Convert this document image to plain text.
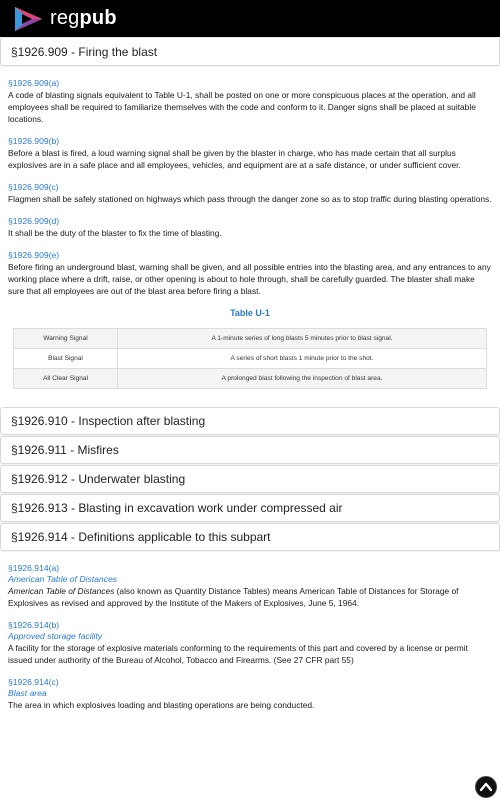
regpub
§1926.909 - Firing the blast
§1926.909(a)
A code of blasting signals equivalent to Table U-1, shall be posted on one or more conspicuous places at the operation, and all employees shall be required to familiarize themselves with the code and conform to it. Danger signs shall be placed at suitable locations.
§1926.909(b)
Before a blast is fired, a loud warning signal shall be given by the blaster in charge, who has made certain that all surplus explosives are in a safe place and all employees, vehicles, and equipment are at a safe distance, or under sufficient cover.
§1926.909(c)
Flagmen shall be safely stationed on highways which pass through the danger zone so as to stop traffic during blasting operations.
§1926.909(d)
It shall be the duty of the blaster to fix the time of blasting.
§1926.909(e)
Before firing an underground blast, warning shall be given, and all possible entries into the blasting area, and any entrances to any working place where a drift, raise, or other opening is about to hole through, shall be carefully guarded. The blaster shall make sure that all employees are out of the blast area before firing a blast.
Table U-1
Warning Signal	A 1-minute series of long blasts 5 minutes prior to blast signal.
Blast Signal	A series of short blasts 1 minute prior to the shot.
All Clear Signal	A prolonged blast following the inspection of blast area.
§1926.910 - Inspection after blasting
§1926.911 - Misfires
§1926.912 - Underwater blasting
§1926.913 - Blasting in excavation work under compressed air
§1926.914 - Definitions applicable to this subpart
§1926.914(a)
American Table of Distances
American Table of Distances (also known as Quantity Distance Tables) means American Table of Distances for Storage of Explosives as revised and approved by the Institute of the Makers of Explosives, June 5, 1964.
§1926.914(b)
Approved storage facility
A facility for the storage of explosive materials conforming to the requirements of this part and covered by a license or permit issued under authority of the Bureau of Alcohol, Tobacco and Firearms. (See 27 CFR part 55)
§1926.914(c)
Blast area
The area in which explosives loading and blasting operations are being conducted.
